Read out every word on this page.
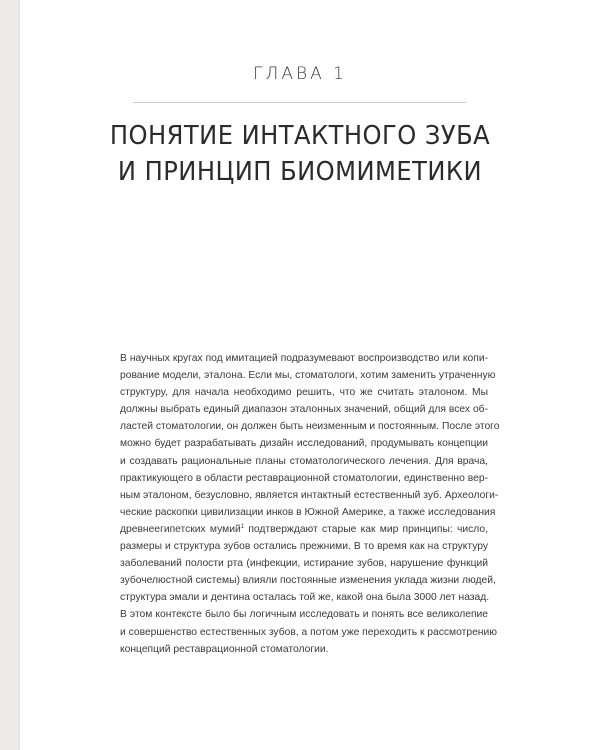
ГЛАВА 1
ПОНЯТИЕ ИНТАКТНОГО ЗУБА
И ПРИНЦИП БИОМИМЕТИКИ
В научных кругах под имитацией подразумевают воспроизводство или копи-
рование модели, эталона. Если мы, стоматологи, хотим заменить утраченную
структуру, для начала необходимо решить, что же считать эталоном. Мы
должны выбрать единый диапазон эталонных значений, общий для всех об-
ластей стоматологии, он должен быть неизменным и постоянным. После этого
можно будет разрабатывать дизайн исследований, продумывать концепции
и создавать рациональные планы стоматологического лечения. Для врача,
практикующего в области реставрационной стоматологии, единственно вер-
ным эталоном, безусловно, является интактный естественный зуб. Археологи-
ческие раскопки цивилизации инков в Южной Америке, а также исследования
древнеегипетских мумий$^1$ подтверждают старые как мир принципы: число,
размеры и структура зубов остались прежними. В то время как на структуру
заболеваний полости рта (инфекции, истирание зубов, нарушение функций
зубочелюстной системы) влияли постоянные изменения уклада жизни людей,
структура эмали и дентина осталась той же, какой она была 3000 лет назад.
В этом контексте было бы логичным исследовать и понять все великолепие
и совершенство естественных зубов, а потом уже переходить к рассмотрению
концепций реставрационной стоматологии.
